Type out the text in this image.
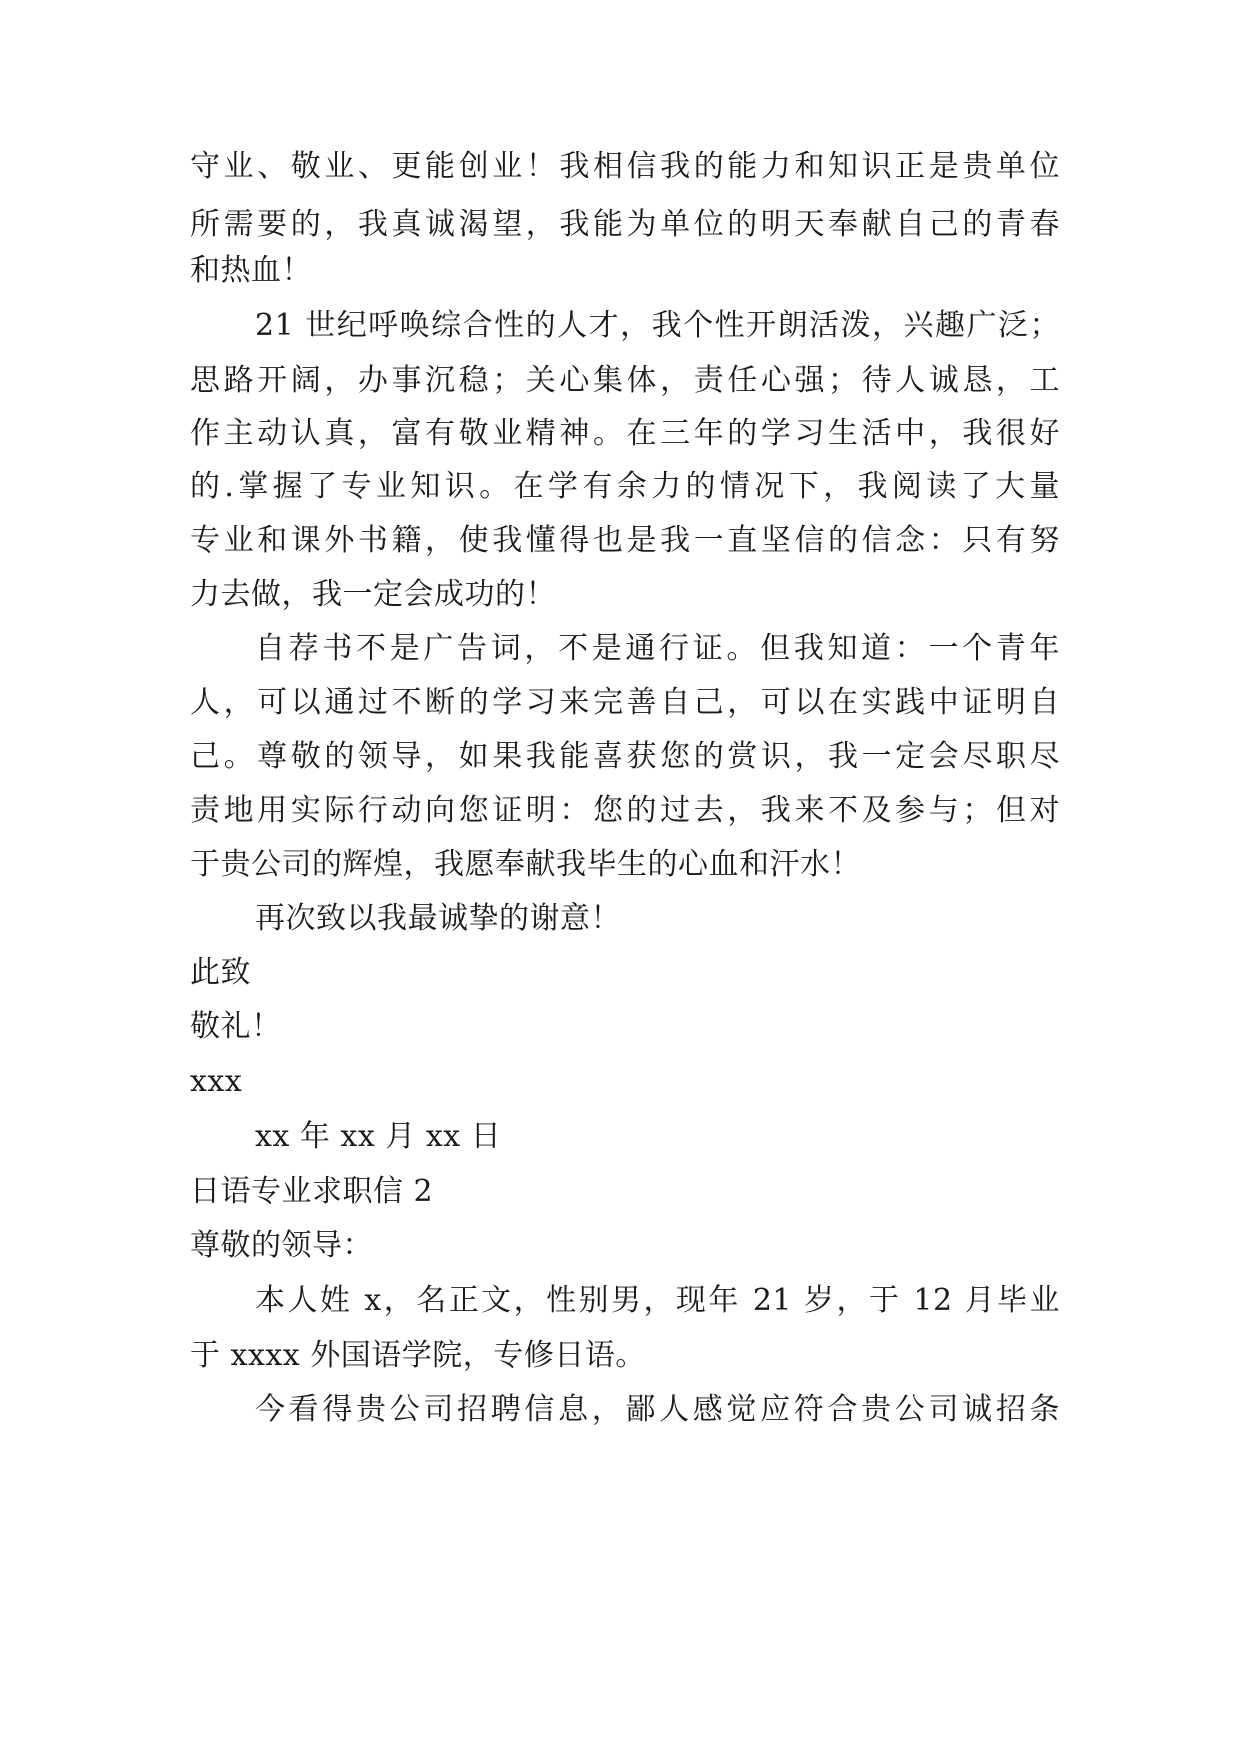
守业、敬业、更能创业！我相信我的能力和知识正是贵单位
所需要的，我真诚渴望，我能为单位的明天奉献自己的青春
和热血！
21 世纪呼唤综合性的人才，我个性开朗活泼，兴趣广泛；
思路开阔，办事沉稳；关心集体，责任心强；待人诚恳，工
作主动认真，富有敬业精神。在三年的学习生活中，我很好
的.掌握了专业知识。在学有余力的情况下，我阅读了大量
专业和课外书籍，使我懂得也是我一直坚信的信念：只有努
力去做，我一定会成功的！
自荐书不是广告词，不是通行证。但我知道：一个青年
人，可以通过不断的学习来完善自己，可以在实践中证明自
己。尊敬的领导，如果我能喜获您的赏识，我一定会尽职尽
责地用实际行动向您证明：您的过去，我来不及参与；但对
于贵公司的辉煌，我愿奉献我毕生的心血和汗水！
再次致以我最诚挚的谢意！
此致
敬礼！
xxx
xx 年 xx 月 xx 日
日语专业求职信 2
尊敬的领导：
本人姓 x，名正文，性别男，现年 21 岁，于 12 月毕业
于 xxxx 外国语学院，专修日语。
今看得贵公司招聘信息，鄙人感觉应符合贵公司诚招条
